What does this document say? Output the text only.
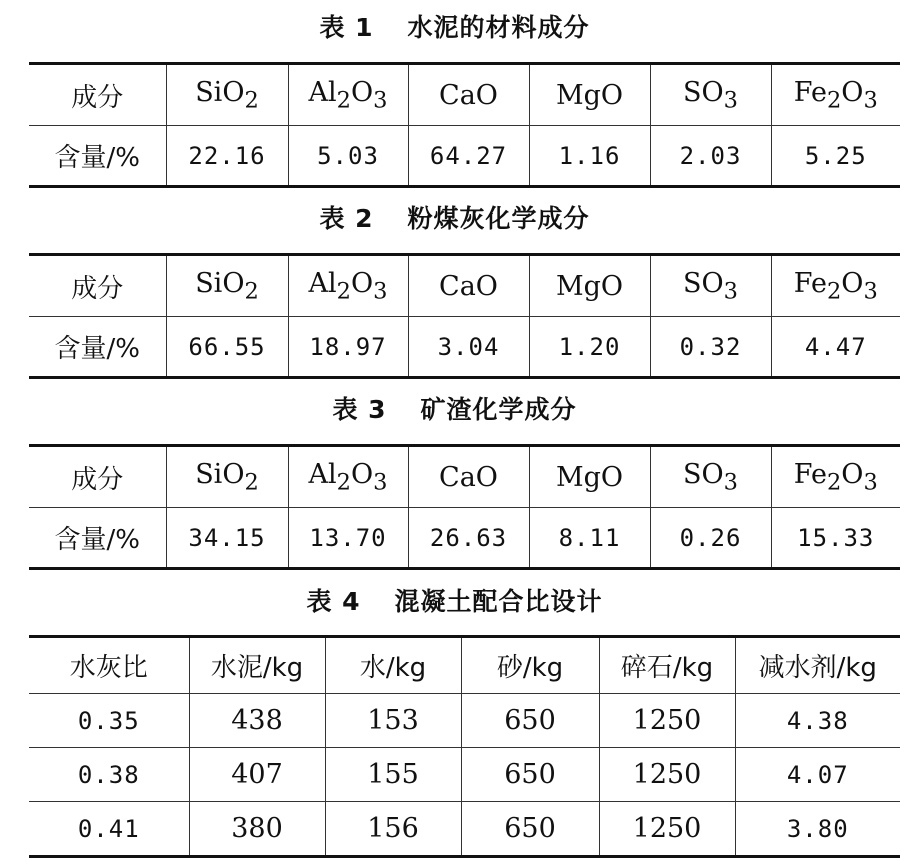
表 1 水泥的材料成分
成分	SiO$_2$	$Al_2O_3$	CaO	MgO	$SO_3$	$Fe_2O_3$
含量/%	22.16	5.03	64.27	1.16	2.03	5.25
表 2 粉煤灰化学成分
成分	SiO$_2$	$Al_2O_3$	CaO	MgO	$SO_3$	$Fe_2O_3$
含量/%	66.55	18.97	3.04	1.20	0.32	4.47
表 3 矿渣化学成分
成分	SiO$_2$	$Al_2O_3$	CaO	MgO	$SO_3$	$Fe_2O_3$
含量/%	34.15	13.70	26.63	8.11	0.26	15.33
表 4 混凝土配合比设计
水灰比	水泥/kg	水/kg	砂/kg	碎石/kg	减水剂/kg
0.35	438	153	650	1250	4.38
0.38	407	155	650	1250	4.07
0.41	380	156	650	1250	3.80
